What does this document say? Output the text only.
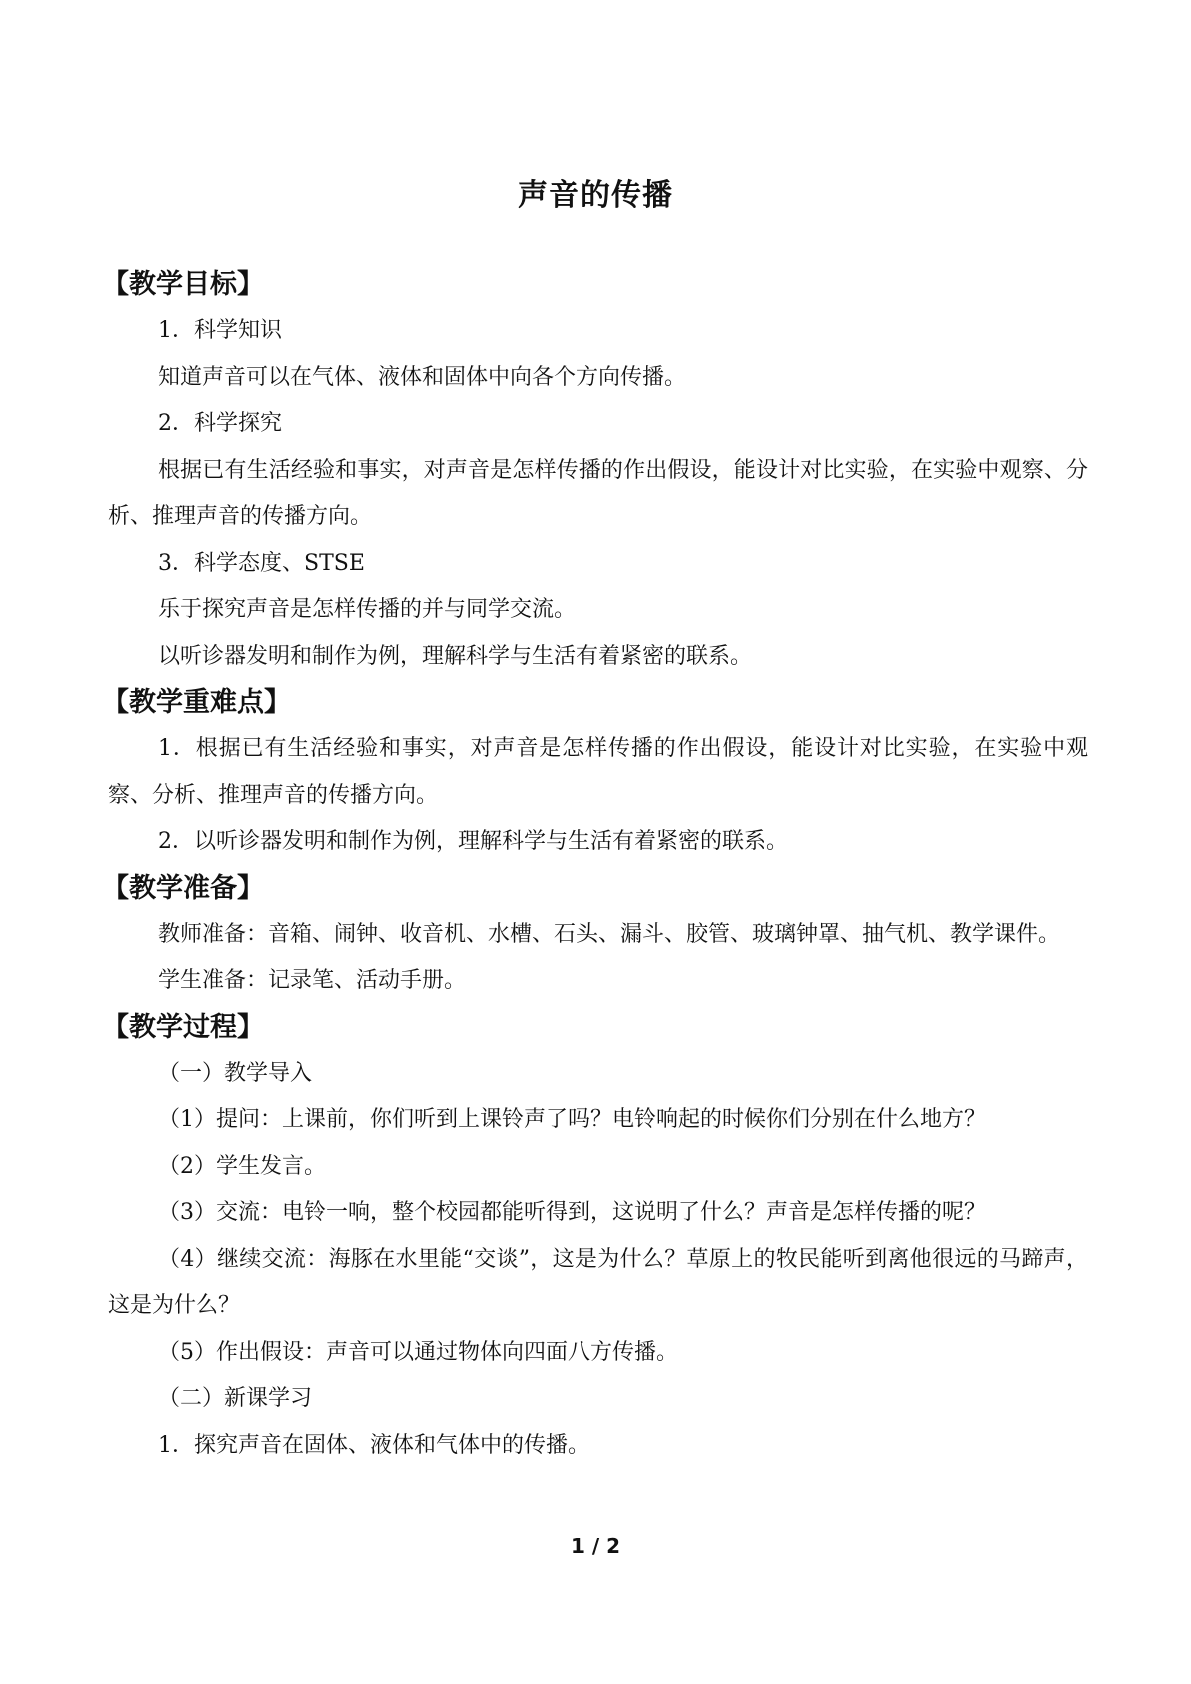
声音的传播
【教学目标】

1．科学知识

知道声音可以在气体、液体和固体中向各个方向传播。

2．科学探究

根据已有生活经验和事实，对声音是怎样传播的作出假设，能设计对比实验，在实验中观察、分析、推理声音的传播方向。

3．科学态度、STSE

乐于探究声音是怎样传播的并与同学交流。

以听诊器发明和制作为例，理解科学与生活有着紧密的联系。

【教学重难点】

1．根据已有生活经验和事实，对声音是怎样传播的作出假设，能设计对比实验，在实验中观察、分析、推理声音的传播方向。

2．以听诊器发明和制作为例，理解科学与生活有着紧密的联系。

【教学准备】

教师准备：音箱、闹钟、收音机、水槽、石头、漏斗、胶管、玻璃钟罩、抽气机、教学课件。

学生准备：记录笔、活动手册。

【教学过程】

（一）教学导入

（1）提问：上课前，你们听到上课铃声了吗？电铃响起的时候你们分别在什么地方？

（2）学生发言。

（3）交流：电铃一响，整个校园都能听得到，这说明了什么？声音是怎样传播的呢？

（4）继续交流：海豚在水里能“交谈”，这是为什么？草原上的牧民能听到离他很远的马蹄声，这是为什么？

（5）作出假设：声音可以通过物体向四面八方传播。

（二）新课学习

1．探究声音在固体、液体和气体中的传播。

1 / 2
